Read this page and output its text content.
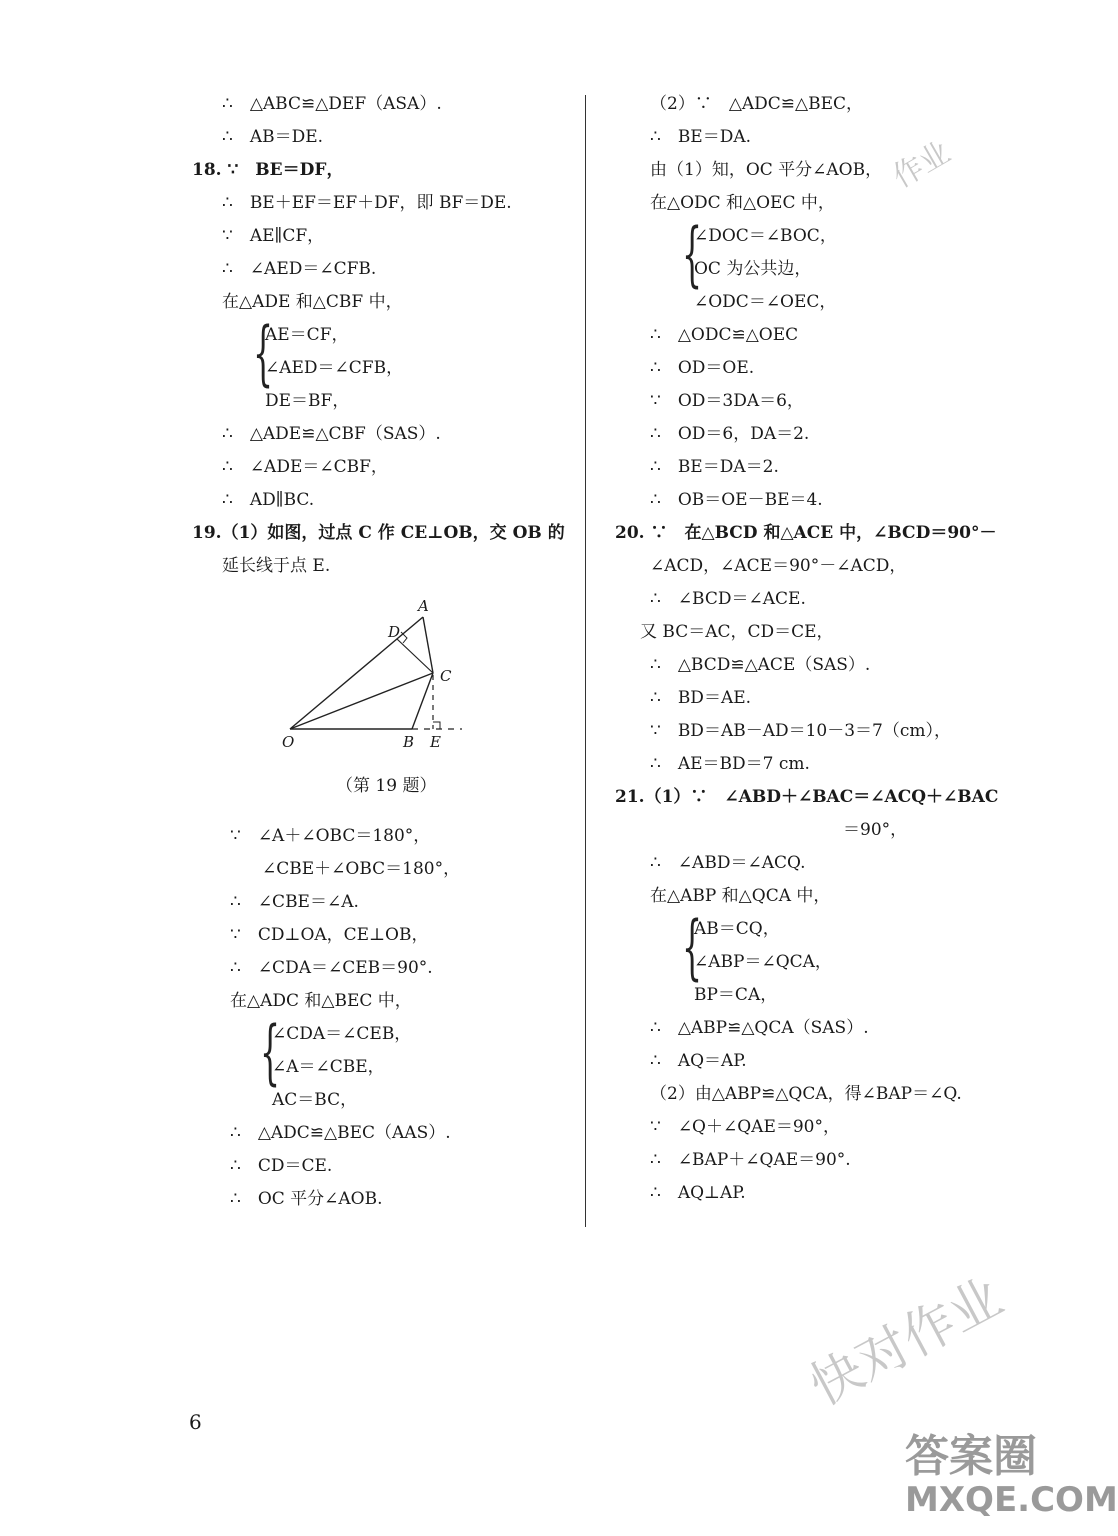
∴　△ABC≌△DEF（ASA）.
∴　AB＝DE.
18. ∵　BE＝DF，
∴　BE＋EF＝EF＋DF，即 BF＝DE.
∵　AE∥CF，
∴　∠AED＝∠CFB.
在△ADE 和△CBF 中，
{
AE＝CF，
∠AED＝∠CFB，
DE＝BF，
∴　△ADE≌△CBF（SAS）.
∴　∠ADE＝∠CBF，
∴　AD∥BC.
19.（1）如图，过点 C 作 CE⊥OB，交 OB 的
延长线于点 E.
A
D
C
O	B E
（第 19 题）
∵　∠A＋∠OBC＝180°，
∠CBE＋∠OBC＝180°，
∴　∠CBE＝∠A.
∵　CD⊥OA，CE⊥OB，
∴　∠CDA＝∠CEB＝90°.
在△ADC 和△BEC 中，
{
∠CDA＝∠CEB，
∠A＝∠CBE，
AC＝BC，
∴　△ADC≌△BEC（AAS）.
∴　CD＝CE.
∴　OC 平分∠AOB.
（2）∵　△ADC≌△BEC，
∴　BE＝DA.
由（1）知，OC 平分∠AOB，
在△ODC 和△OEC 中，
{
∠DOC＝∠BOC，
OC 为公共边，
∠ODC＝∠OEC，
∴　△ODC≌△OEC
∴　OD＝OE.
∵　OD＝3DA＝6，
∴　OD＝6，DA＝2.
∴　BE＝DA＝2.
∴　OB＝OE－BE＝4.
20. ∵　在△BCD 和△ACE 中，∠BCD＝90°－
∠ACD，∠ACE＝90°－∠ACD，
∴　∠BCD＝∠ACE.
又 BC＝AC，CD＝CE，
∴　△BCD≌△ACE（SAS）.
∴　BD＝AE.
∵　BD＝AB－AD＝10－3＝7（cm），
∴　AE＝BD＝7 cm.
21.（1）∵　∠ABD＋∠BAC＝∠ACQ＋∠BAC
＝90°，
∴　∠ABD＝∠ACQ.
在△ABP 和△QCA 中，
{
AB＝CQ，
∠ABP＝∠QCA，
BP＝CA，
∴　△ABP≌△QCA（SAS）.
∴　AQ＝AP.
（2）由△ABP≌△QCA，得∠BAP＝∠Q.
∵　∠Q＋∠QAE＝90°，
∴　∠BAP＋∠QAE＝90°.
∴　AQ⊥AP.
作业
快对作业
答案圈
MXQE.COM
6
